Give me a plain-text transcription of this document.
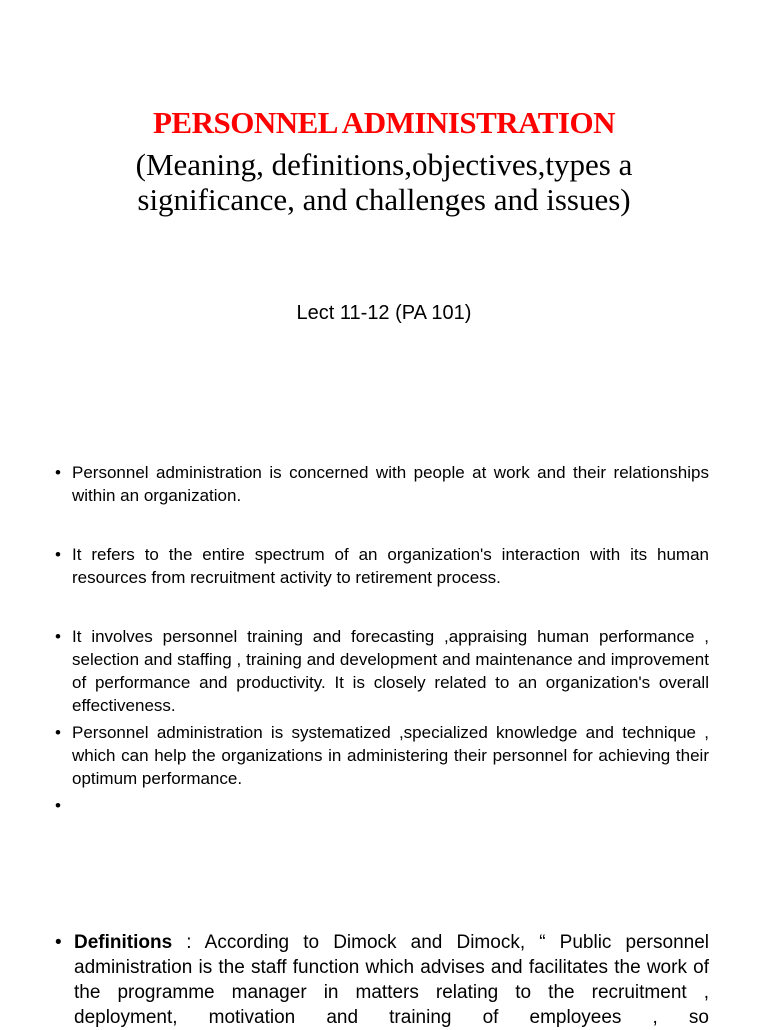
PERSONNEL ADMINISTRATION
(Meaning, definitions,objectives,types a
significance, and challenges and issues)
Lect 11-12 (PA 101)
• Personnel administration is concerned with people at work and their relationships within an organization.
• It refers to the entire spectrum of an organization's interaction with its human resources from recruitment activity to retirement process.
• It involves personnel training and forecasting ,appraising human performance , selection and staffing , training and development and maintenance and improvement of performance and productivity. It is closely related to an organization's overall effectiveness.
• Personnel administration is systematized ,specialized knowledge and technique , which can help the organizations in administering their personnel for achieving their optimum performance.
•
• Definitions : According to Dimock and Dimock, “ Public personnel administration is the staff function which advises and facilitates the work of the programme manager in matters relating to the recruitment , deployment, motivation and training of employees , so
